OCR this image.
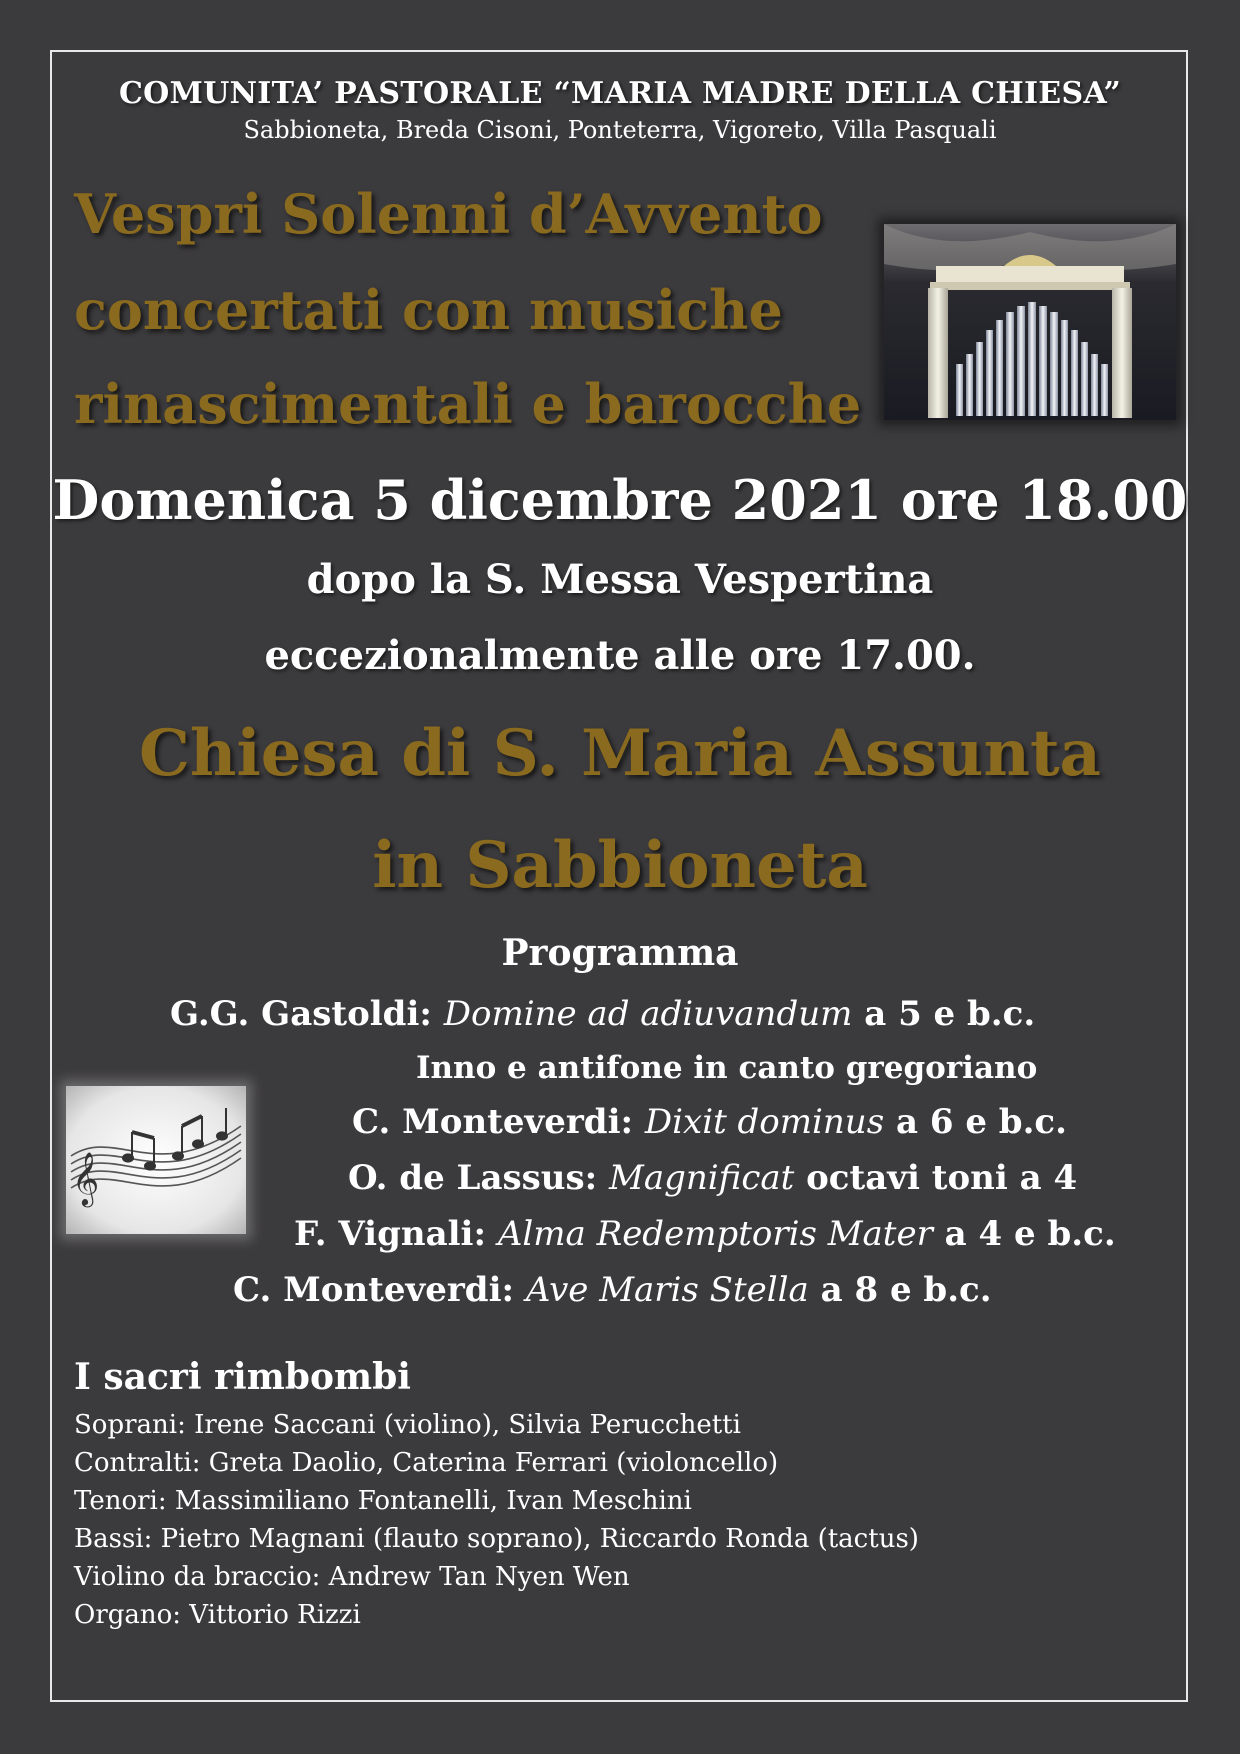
COMUNITA’ PASTORALE “MARIA MADRE DELLA CHIESA”

Sabbioneta, Breda Cisoni, Ponteterra, Vigoreto, Villa Pasquali

Vespri Solenni d’Avvento

concertati con musiche

rinascimentali e barocche

Domenica 5 dicembre 2021 ore 18.00

dopo la S. Messa Vespertina

eccezionalmente alle ore 17.00.

Chiesa di S. Maria Assunta

in Sabbioneta

Programma

G.G. Gastoldi: Domine ad adiuvandum a 5 e b.c.

Inno e antifone in canto gregoriano

C. Monteverdi: Dixit dominus a 6 e b.c.

O. de Lassus: Magnificat octavi toni a 4

F. Vignali: Alma Redemptoris Mater a 4 e b.c.

C. Monteverdi: Ave Maris Stella a 8 e b.c.

𝄞

I sacri rimbombi

Soprani: Irene Saccani (violino), Silvia Perucchetti

Contralti: Greta Daolio, Caterina Ferrari (violoncello)

Tenori: Massimiliano Fontanelli, Ivan Meschini

Bassi: Pietro Magnani (flauto soprano), Riccardo Ronda (tactus)

Violino da braccio: Andrew Tan Nyen Wen

Organo: Vittorio Rizzi
